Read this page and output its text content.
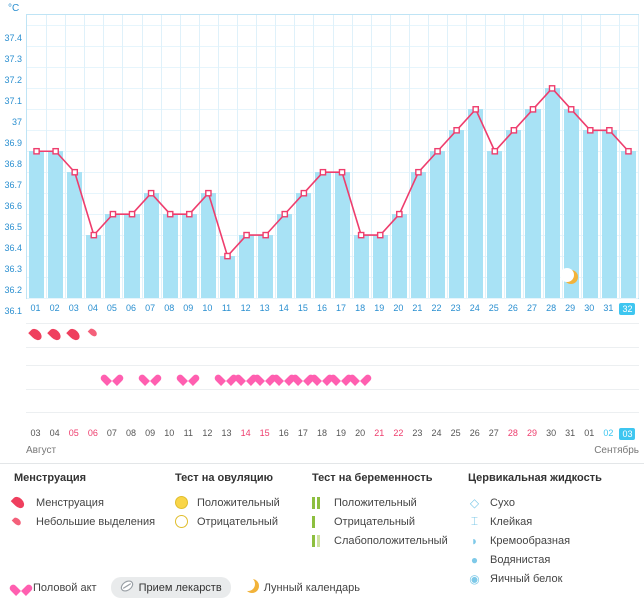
°C
37.4
37.3
37.2
37.1
37
36.9
36.8
36.7
36.6
36.5
36.4
36.3
36.2
36.1 01 02 03 04 05 06 07 08 09 10 11 12 13 14 15 16 17 18 19 20 21 22 23 24 25 26 27 28 29 30 31	32
03 04 05 06 07 08 09 10 11 12 13 14 15 16 17 18 19 20 21 22 23 24 25 26 27 28 29 30 31 01 02	03
Август	Сентябрь
Менструация
Менструация
Небольшие выделения
Тест на овуляцию
Положительный
Отрицательный
Тест на беременность
Положительный
Отрицательный
Слабоположительный
Цервикальная жидкость
◇ Сухо
⌶ Клейкая
◗ Кремообразная
● Водянистая
◉ Яичный белок
Половой акт	Прием лекарств	Лунный календарь
